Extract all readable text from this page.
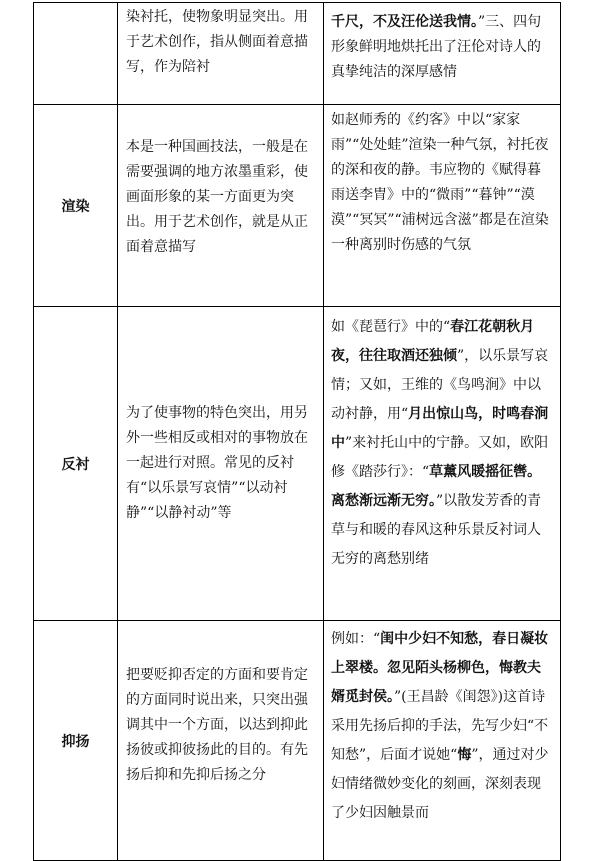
	染衬托，使物象明显突出。用于艺术创作，指从侧面着意描写，作为陪衬	千尺，不及汪伦送我情。”三、四句形象鲜明地烘托出了汪伦对诗人的真挚纯洁的深厚感情

渲染	本是一种国画技法，一般是在需要强调的地方浓墨重彩，使画面形象的某一方面更为突出。用于艺术创作，就是从正面着意描写	如赵师秀的《约客》中以“家家雨”“处处蛙”渲染一种气氛，衬托夜的深和夜的静。韦应物的《赋得暮雨送李胄》中的“微雨”“暮钟”“漠漠”“冥冥”“浦树远含滋”都是在渲染一种离别时伤感的气氛

反衬	为了使事物的特色突出，用另外一些相反或相对的事物放在一起进行对照。常见的反衬有“以乐景写哀情”“以动衬静”“以静衬动”等	如《琵琶行》中的“春江花朝秋月夜，往往取酒还独倾”，以乐景写哀情；又如，王维的《鸟鸣涧》中以动衬静，用“月出惊山鸟，时鸣春涧中”来衬托山中的宁静。又如，欧阳修《踏莎行》：“草薰风暖摇征辔。离愁渐远渐无穷。”以散发芳香的青草与和暖的春风这种乐景反衬词人无穷的离愁别绪

抑扬	把要贬抑否定的方面和要肯定的方面同时说出来，只突出强调其中一个方面，以达到抑此扬彼或抑彼扬此的目的。有先扬后抑和先抑后扬之分	例如：“闺中少妇不知愁，春日凝妆上翠楼。忽见陌头杨柳色，悔教夫婿觅封侯。”(王昌龄《闺怨》)这首诗采用先扬后抑的手法，先写少妇“不知愁”，后面才说她“悔”，通过对少妇情绪微妙变化的刻画，深刻表现了少妇因触景而
